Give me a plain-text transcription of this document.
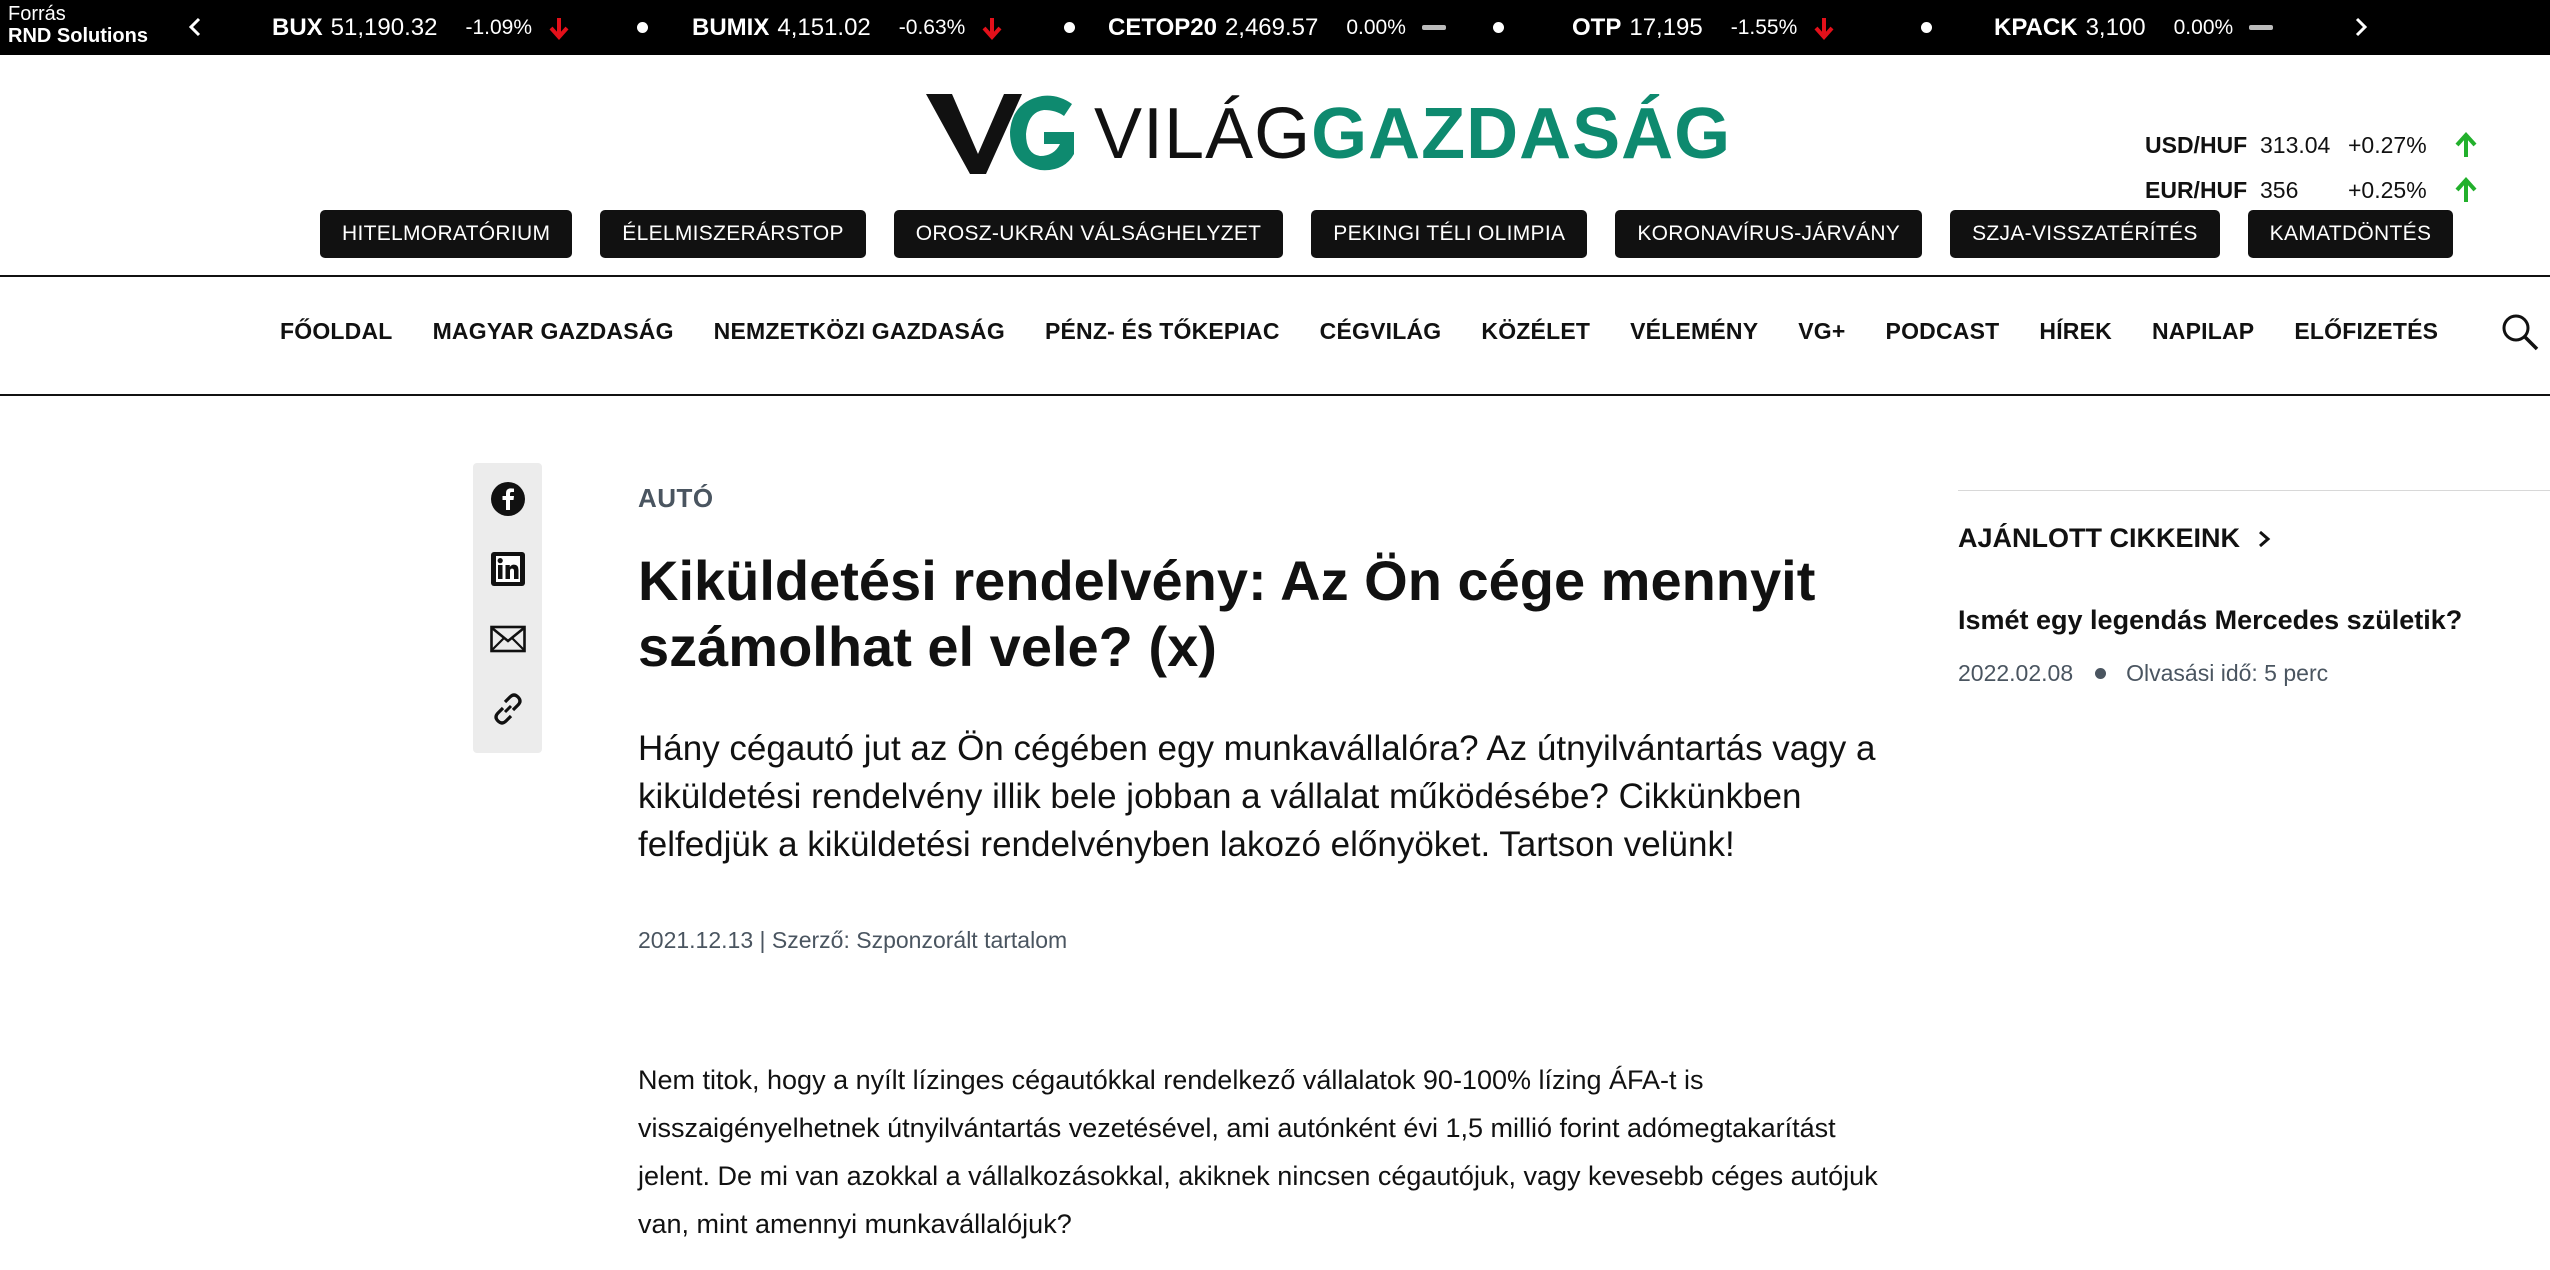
Forrás
RND Solutions	BUX 51,190.32 -1.09%	BUMIX 4,151.02 -0.63%	CETOP20 2,469.57 0.00%	OTP 17,195 -1.55%	KPACK 3,100 0.00%
VILÁG GAZDASÁG	USD/HUF 313.04 +0.27%
EUR/HUF 356	+0.25%
HITELMORATÓRIUM	ÉLELMISZERÁRSTOP	OROSZ-UKRÁN VÁLSÁGHELYZET	PEKINGI TÉLI OLIMPIA	KORONAVÍRUS-JÁRVÁNY	SZJA-VISSZATÉRÍTÉS	KAMATDÖNTÉS
FŐOLDAL MAGYAR GAZDASÁG NEMZETKÖZI GAZDASÁG PÉNZ- ÉS TŐKEPIAC CÉGVILÁG KÖZÉLET VÉLEMÉNY VG+ PODCAST HÍREK NAPILAP ELŐFIZETÉS
AUTÓ
Kiküldetési rendelvény: Az Ön cége mennyit számolhat el vele? (x)

Hány cégautó jut az Ön cégében egy munkavállalóra? Az útnyilvántartás vagy a kiküldetési rendelvény illik bele jobban a vállalat működésébe? Cikkünkben felfedjük a kiküldetési rendelvényben lakozó előnyöket. Tartson velünk!

2021.12.13 | Szerző: Szponzorált tartalom

Nem titok, hogy a nyílt lízinges cégautókkal rendelkező vállalatok 90-100% lízing ÁFA-t is visszaigényelhetnek útnyilvántartás vezetésével, ami autónként évi 1,5 millió forint adómegtakarítást jelent. De mi van azokkal a vállalkozásokkal, akiknek nincsen cégautójuk, vagy kevesebb céges autójuk van, mint amennyi munkavállalójuk?

AJÁNLOTT CIKKEINK
Ismét egy legendás Mercedes születik?
2022.02.08 Olvasási idő: 5 perc
